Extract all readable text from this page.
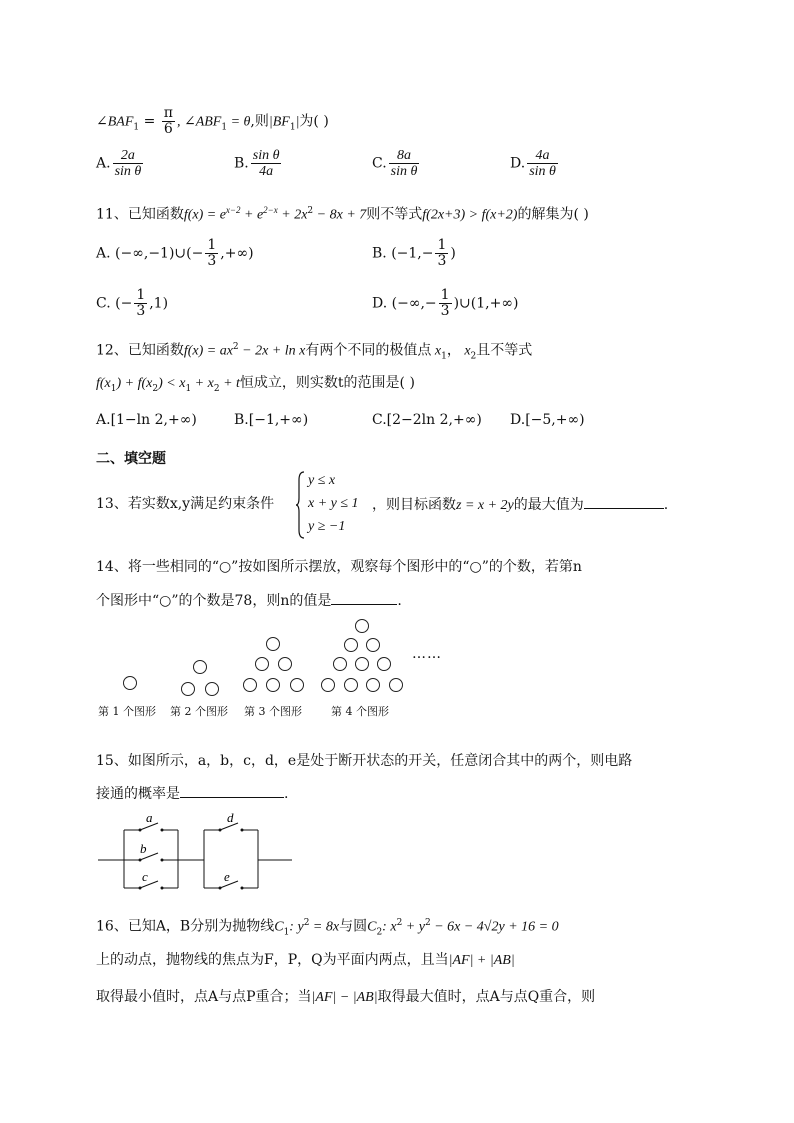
$\angle BAF_1 = \frac{\pi}{6}$ , $\angle ABF_1 = \theta$,则$|BF_1|$为( )
A. $\frac{2a}{\text{sin θ}}$	B. $\frac{\text{sin θ}}{4a}$	C. $\frac{8a}{\text{sin θ}}$	D. $\frac{4a}{\text{sin θ}}$
11、已知函数$f(x) = e^{x-2} + e^{2-x} + 2x^2 - 8x + 7$则不等式f(2x+3) > f(x+2)的解集为( )
A. (−∞,−1)∪(− $\frac{1}{3}$ ,+∞)	B. ($-1,- \frac{1}{3}$ )
C. (− $\frac{1}{3} ,1$)	D. (−∞,− $\frac{1}{3}$ )∪(1,+∞)
12、已知函数$f(x) = ax^2 - 2x + \ln x$有两个不同的极值点 $x_1$， $x_2$且不等式
$f(x_1) + f(x_2) < x_1 + x_2 + t$恒成立，则实数t的范围是( )
A.[1−ln 2,+∞)	B.[−1,+∞)	C.[2−2ln 2,+∞) D.[−5,+∞)
二、填空题
13、若实数x,y满足约束条件
y ≤ x
x + y ≤ 1
y ≥ −1
，则目标函数z = x + 2y的最大值为	.
14、将一些相同的“○”按如图所示摆放，观察每个图形中的“○”的个数，若第n
个图形中“○”的个数是78，则n的值是	.
……
第 1 个图形 第 2 个图形 第 3 个图形	第 4 个图形
15、如图所示，a，b，c，d，e是处于断开状态的开关，任意闭合其中的两个，则电路
接通的概率是	.
a
b
c
d
e
16、已知A，B分别为抛物线$C_1$: $y^2 = 8x$与圆$C_2$: $x^2 + y^2 - 6x - 4√2y + 16 = 0$
上的动点，抛物线的焦点为F，P，Q为平面内两点，且当|AF| + |AB|
取得最小值时，点A与点P重合；当|AF| − |AB|取得最大值时，点A与点Q重合，则
